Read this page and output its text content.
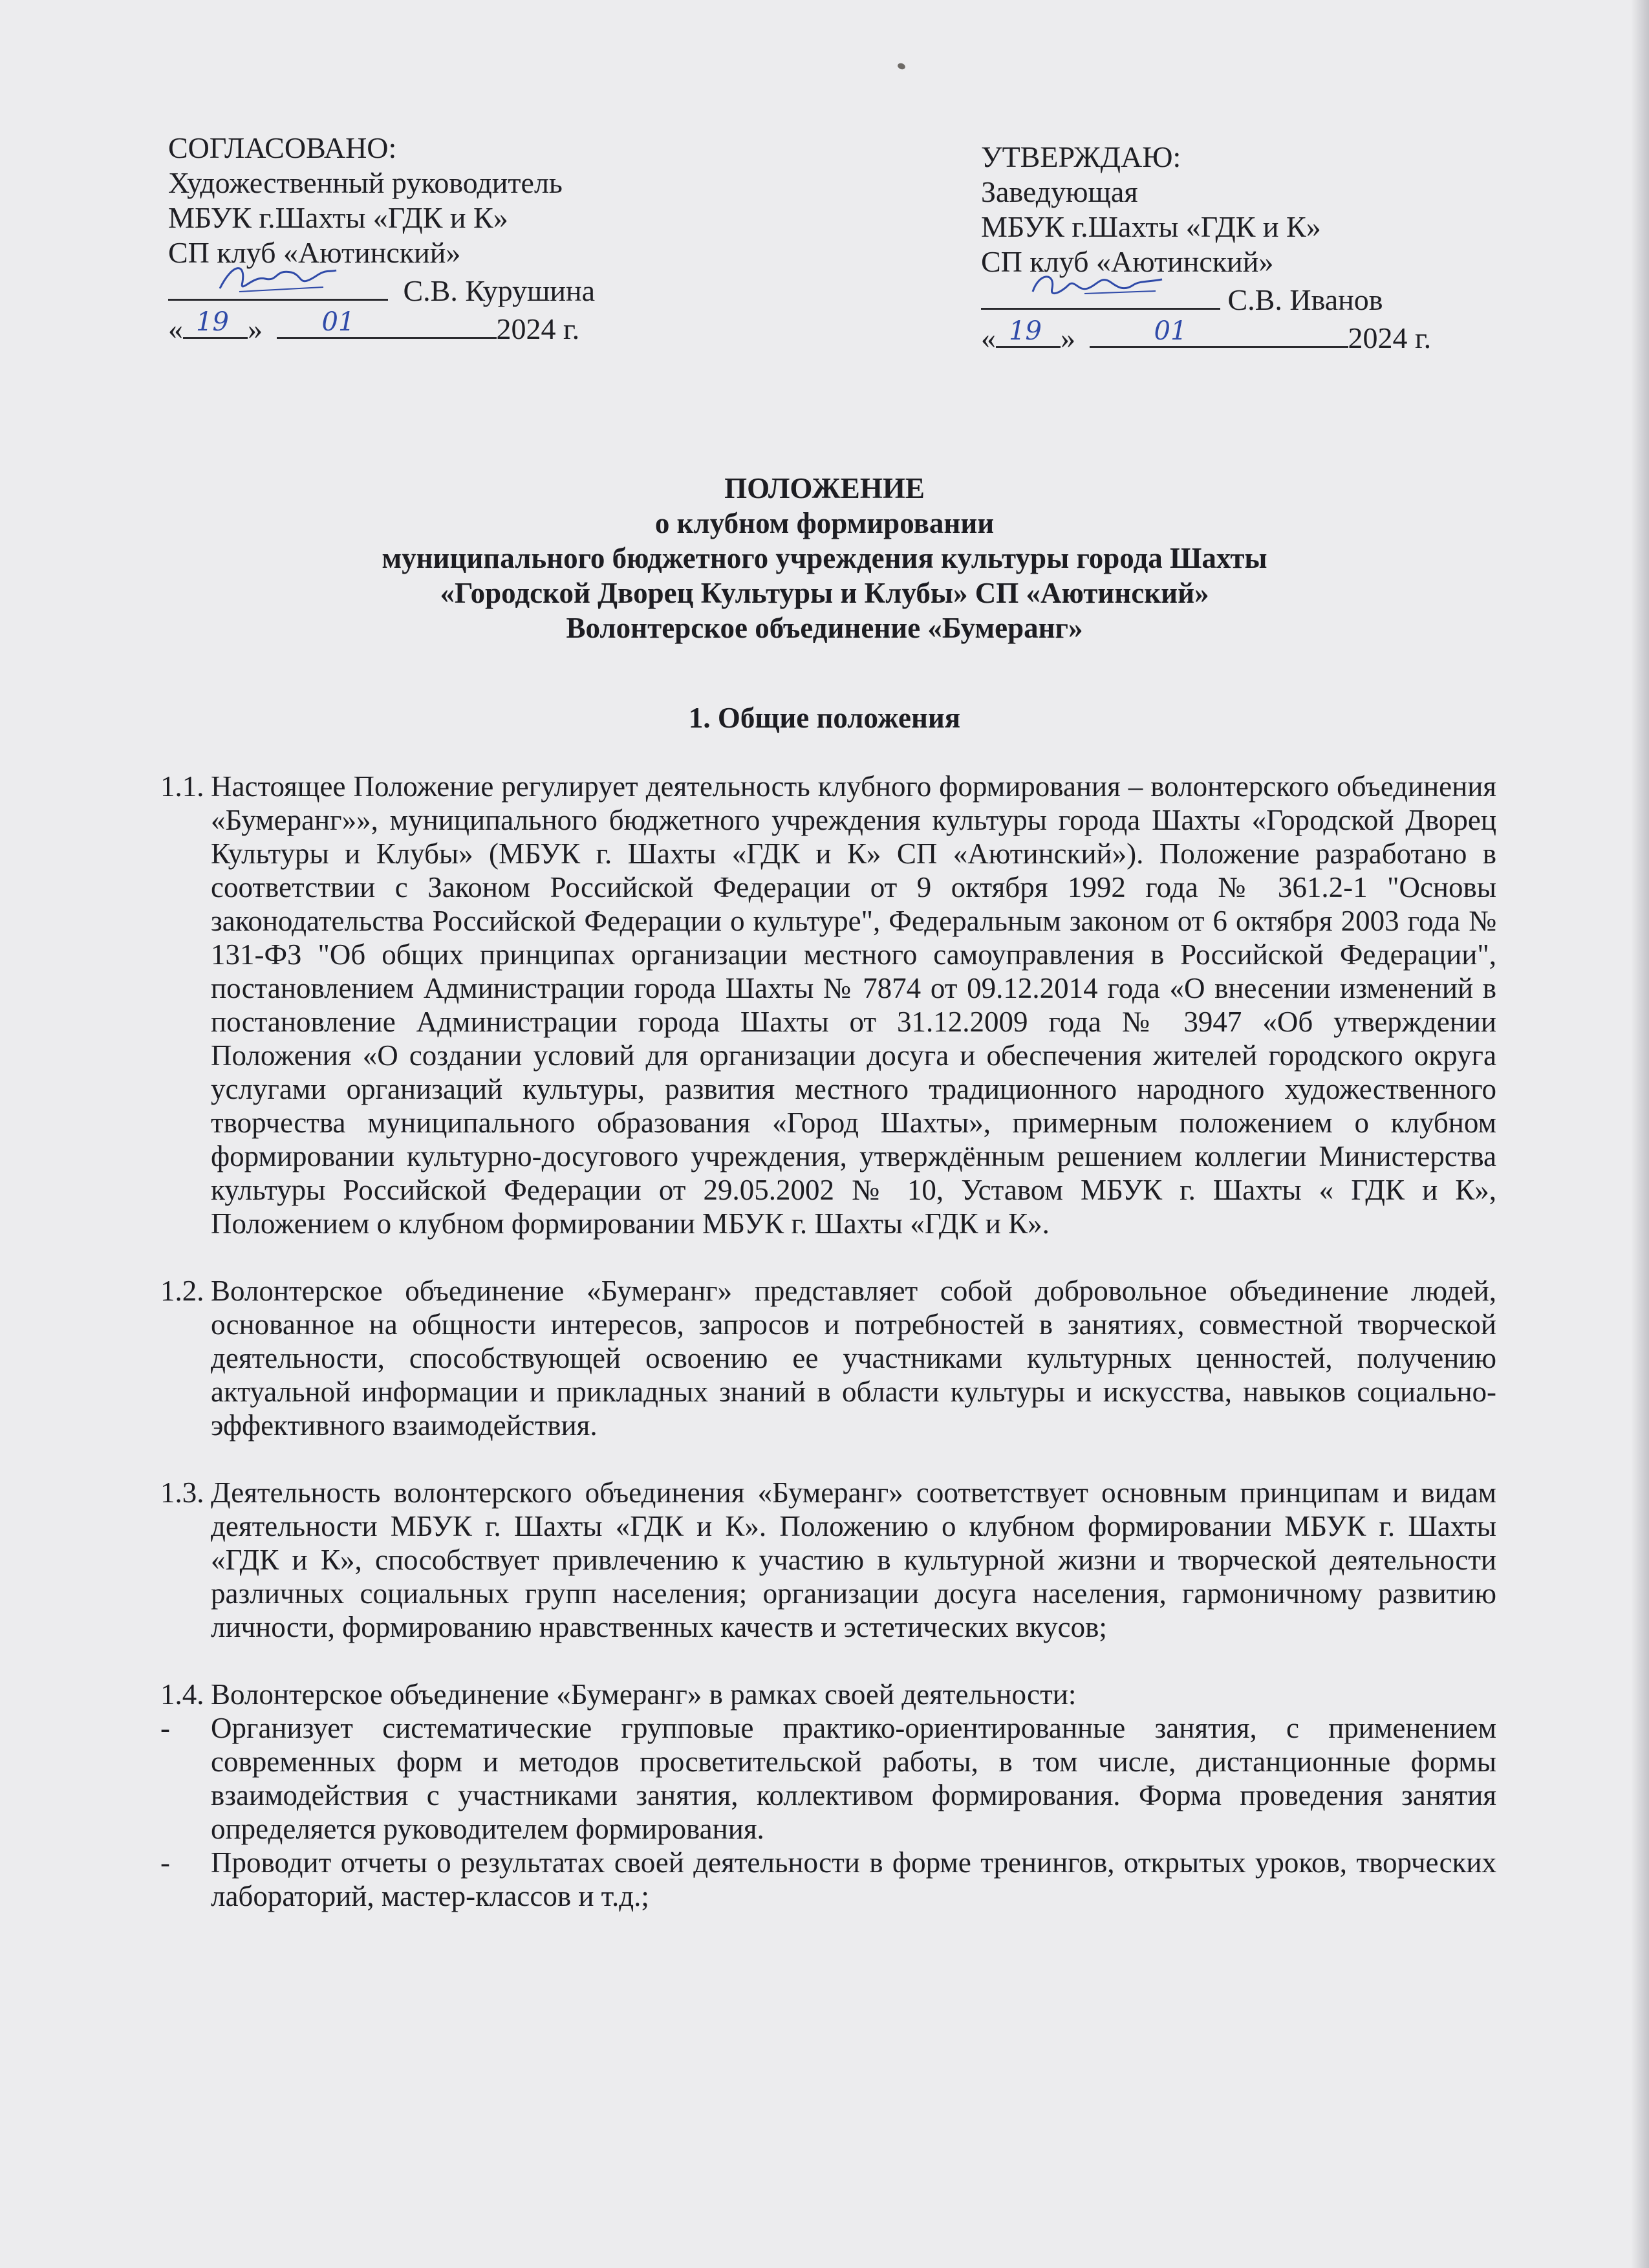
СОГЛАСОВАНО:
Художественный руководитель
МБУК г.Шахты «ГДК и К»
СП клуб «Аютинский»
С.В. Курушина
« 19 » 01	2024 г.
УТВЕРЖДАЮ:
Заведующая
МБУК г.Шахты «ГДК и К»
СП клуб «Аютинский»
С.В. Иванов
« 19 »	01	2024 г.
ПОЛОЖЕНИЕ
о клубном формировании
муниципального бюджетного учреждения культуры города Шахты
«Городской Дворец Культуры и Клубы» СП «Аютинский»
Волонтерское объединение «Бумеранг»
1. Общие положения
1.1. Настоящее Положение регулирует деятельность клубного формирования – волонтерского объединения «Бумеранг»», муниципального бюджетного учреждения культуры города Шахты «Городской Дворец Культуры и Клубы» (МБУК г. Шахты «ГДК и К» СП «Аютинский»). Положение разработано в соответствии с Законом Российской Федерации от 9 октября 1992 года № 361.2-1 "Основы законодательства Российской Федерации о культуре", Федеральным законом от 6 октября 2003 года № 131-ФЗ "Об общих принципах организации местного самоуправления в Российской Федерации", постановлением Администрации города Шахты № 7874 от 09.12.2014 года «О внесении изменений в постановление Администрации города Шахты от 31.12.2009 года № 3947 «Об утверждении Положения «О создании условий для организации досуга и обеспечения жителей городского округа услугами организаций культуры, развития местного традиционного народного художественного творчества муниципального образования «Город Шахты», примерным положением о клубном формировании культурно-досугового учреждения, утверждённым решением коллегии Министерства культуры Российской Федерации от 29.05.2002 № 10, Уставом МБУК г. Шахты « ГДК и К», Положением о клубном формировании МБУК г. Шахты «ГДК и К».
1.2. Волонтерское объединение «Бумеранг» представляет собой добровольное объединение людей, основанное на общности интересов, запросов и потребностей в занятиях, совместной творческой деятельности, способствующей освоению ее участниками культурных ценностей, получению актуальной информации и прикладных знаний в области культуры и искусства, навыков социально-эффективного взаимодействия.
1.3. Деятельность волонтерского объединения «Бумеранг» соответствует основным принципам и видам деятельности МБУК г. Шахты «ГДК и К». Положению о клубном формировании МБУК г. Шахты «ГДК и К», способствует привлечению к участию в культурной жизни и творческой деятельности различных социальных групп населения; организации досуга населения, гармоничному развитию личности, формированию нравственных качеств и эстетических вкусов;
1.4. Волонтерское объединение «Бумеранг» в рамках своей деятельности:
- Организует систематические групповые практико-ориентированные занятия, с применением современных форм и методов просветительской работы, в том числе, дистанционные формы взаимодействия с участниками занятия, коллективом формирования. Форма проведения занятия определяется руководителем формирования.
- Проводит отчеты о результатах своей деятельности в форме тренингов, открытых уроков, творческих лабораторий, мастер-классов и т.д.;
